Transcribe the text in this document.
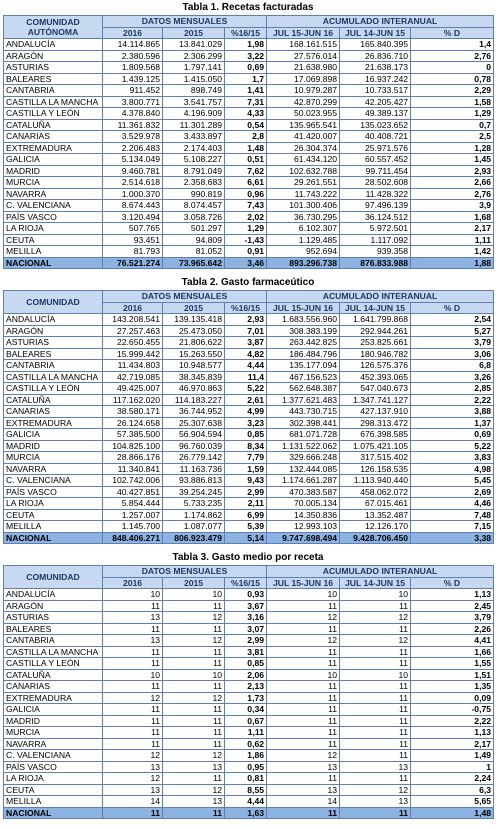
Tabla 1. Recetas facturadas
COMUNIDAD AUTÓNOMA	DATOS MENSUALES			ACUMULADO INTERANUAL		
	2016	2015	%16/15	JUL 15-JUN 16	JUL 14-JUN 15	% D
ANDALUCÍA	14.114.865	13.841.029	1,98	168.161.515	165.840.395	1,4
ARAGÓN	2.380.596	2.306.299	3,22	27.576.014	26.836.710	2,76
ASTURIAS	1.809.568	1.797.141	0,69	21.638.980	21.638.173	0
BALEARES	1.439.125	1.415.050	1,7	17.069.898	16.937.242	0,78
CANTABRIA	911.452	898.749	1,41	10.979.287	10.733.517	2,29
CASTILLA LA MANCHA	3.800.771	3.541.757	7,31	42.870.299	42.205.427	1,58
CASTILLA Y LEÓN	4.378.840	4.196.909	4,33	50.023.955	49.389.137	1,29
CATALUÑA	11.361.832	11.301.289	0,54	135.965.541	135.023.652	0,7
CANARIAS	3.529.978	3.433.897	2,8	41.420.007	40.408.721	2,5
EXTREMADURA	2.206.483	2.174.403	1,48	26.304.374	25.971.576	1,28
GALICIA	5.134.049	5.108.227	0,51	61.434.120	60.557.452	1,45
MADRID	9.460.781	8.791.049	7,62	102.632.788	99.711.454	2,93
MURCIA	2.514.618	2.358.683	6,61	29.261.551	28.502.608	2,66
NAVARRA	1.000.370	990.819	0,96	11.743.222	11.428.322	2,76
C. VALENCIANA	8.674.443	8.074.457	7,43	101.300.406	97.496.139	3,9
PAÍS VASCO	3.120.494	3.058.726	2,02	36.730.295	36.124.512	1,68
LA RIOJA	507.765	501.297	1,29	6.102.307	5.972.501	2,17
CEUTA	93.451	94.809	-1,43	1.129.485	1.117.092	1,11
MELILLA	81.793	81.052	0,91	952.694	939.358	1,42
NACIONAL	76.521.274	73.965.642	3,46	893.296.738	876.833.988	1,88
Tabla 2. Gasto farmaceútico
COMUNIDAD	DATOS MENSUALES			ACUMULADO INTERANUAL		
	2016	2015	%16/15	JUL 15-JUN 16	JUL 14-JUN 15	% D
ANDALUCÍA	143.208.541	139.135.418	2,93	1.683.556.960	1.641.799.868	2,54
ARAGÓN	27.257.463	25.473.050	7,01	308.383.199	292.944.261	5,27
ASTURIAS	22.650.455	21.806.622	3,87	263.442.825	253.825.661	3,79
BALEARES	15.999.442	15.263.550	4,82	186.484.796	180.946.782	3,06
CANTABRIA	11.434.803	10.948.577	4,44	135.177.094	126.575.376	6,8
CASTILLA LA MANCHA	42.719.085	38.345.839	11,4	467.156.523	452.393.065	3,26
CASTILLA Y LEÓN	49.425.007	46.970.863	5,22	562.648.387	547.040.673	2,85
CATALUÑA	117.162.020	114.183.227	2,61	1.377.621.483	1.347.741.127	2,22
CANARIAS	38.580.171	36.744.952	4,99	443.730.715	427.137.910	3,88
EXTREMADURA	26.124.658	25.307.638	3,23	302.398.441	298.313.472	1,37
GALICIA	57.385.500	56.904.594	0,85	681.071.728	676.398.585	0,69
MADRID	104.825.100	96.760.039	8,34	1.131.522.062	1.075.421.105	5,22
MURCIA	28.866.176	26.779.142	7,79	329.666.248	317.515.402	3,83
NAVARRA	11.340.841	11.163.736	1,59	132.444.085	126.158.535	4,98
C. VALENCIANA	102.742.006	93.886.813	9,43	1.174.661.287	1.113.940.440	5,45
PAÍS VASCO	40.427.851	39.254.245	2,99	470.383.587	458.062.072	2,69
LA RIOJA	5.854.444	5.733.235	2,11	70.005.134	67.015.461	4,46
CEUTA	1.257.007	1.174.862	6,99	14.350.836	13.352.487	7,48
MELILLA	1.145.700	1.087.077	5,39	12.993.103	12.126.170	7,15
NACIONAL	848.406.271	806.923.479	5,14	9.747.698.494	9.428.706.450	3,38
Tabla 3. Gasto medio por receta
COMUNIDAD	DATOS MENSUALES			ACUMULADO INTERANUAL		
	2016	2015	%16/15	JUL 15-JUN 16	JUL 14-JUN 15	% D
ANDALUCÍA	10	10	0,93	10	10	1,13
ARAGÓN	11	11	3,67	11	11	2,45
ASTURIAS	13	12	3,16	12	12	3,79
BALEARES	11	11	3,07	11	11	2,26
CANTABRIA	13	12	2,99	12	12	4,41
CASTILLA LA MANCHA	11	11	3,81	11	11	1,66
CASTILLA Y LEÓN	11	11	0,85	11	11	1,55
CATALUÑA	10	10	2,06	10	10	1,51
CANARIAS	11	11	2,13	11	11	1,35
EXTREMADURA	12	12	1,73	11	11	0,09
GALICIA	11	11	0,34	11	11	-0,75
MADRID	11	11	0,67	11	11	2,22
MURCIA	11	11	1,11	11	11	1,13
NAVARRA	11	11	0,62	11	11	2,17
C. VALENCIANA	12	12	1,86	12	11	1,49
PAÍS VASCO	13	13	0,95	13	13	1
LA RIOJA	12	11	0,81	11	11	2,24
CEUTA	13	12	8,55	13	12	6,3
MELILLA	14	13	4,44	14	13	5,65
NACIONAL	11	11	1,63	11	11	1,48
